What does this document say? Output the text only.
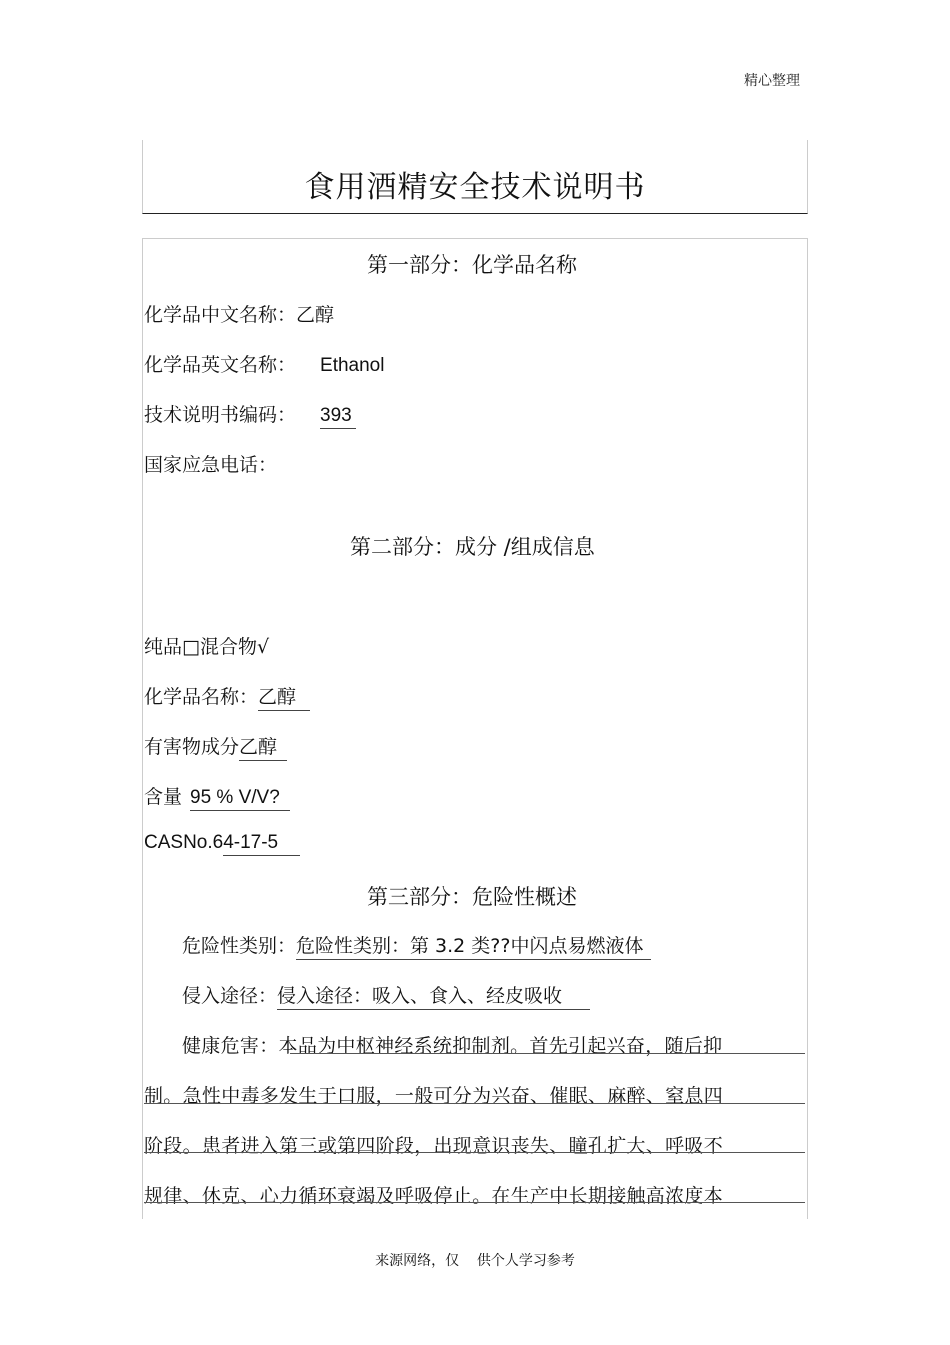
精心整理
食用酒精安全技术说明书
第一部分：化学品名称
化学品中文名称：乙醇
化学品英文名称： Ethanol
技术说明书编码： 393
国家应急电话：
第二部分：成分 /组成信息
纯品□混合物√
化学品名称：乙醇
有害物成分乙醇
含量 95 % V/V?
CASNo.64-17-5
第三部分：危险性概述
危险性类别：危险性类别：第 3.2 类??中闪点易燃液体
侵入途径：侵入途径：吸入、食入、经皮吸收
健康危害：本品为中枢神经系统抑制剂。首先引起兴奋，随后抑
制。急性中毒多发生于口服，一般可分为兴奋、催眠、麻醉、窒息四
阶段。患者进入第三或第四阶段，出现意识丧失、瞳孔扩大、呼吸不
规律、休克、心力循环衰竭及呼吸停止。在生产中长期接触高浓度本
来源网络，仅    供个人学习参考
